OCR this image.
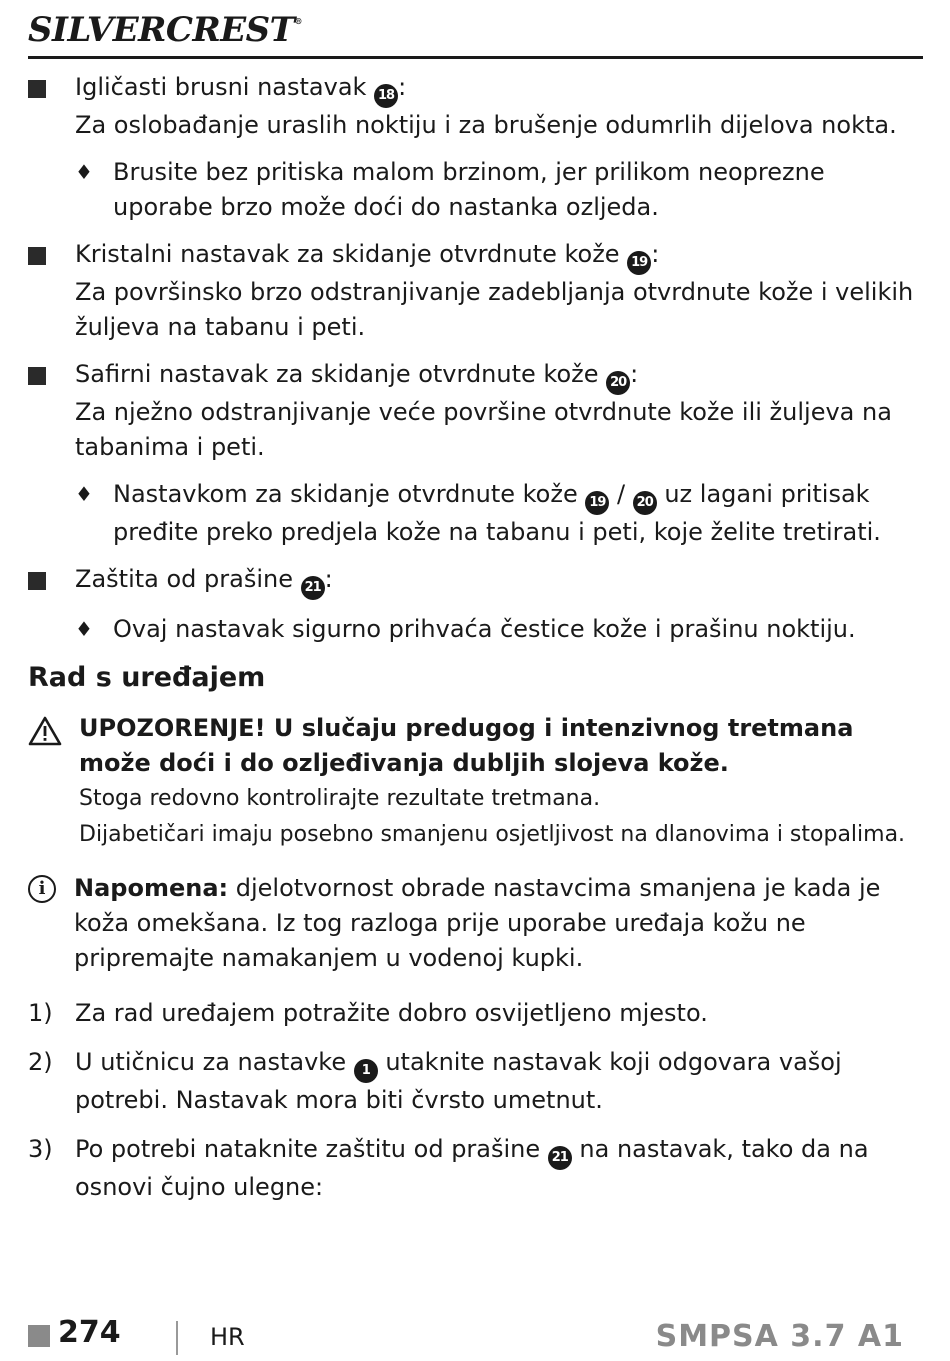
SILVERCREST®
Igličasti brusni nastavak 18 :
Za oslobađanje uraslih noktiju i za brušenje odumrlih dijelova nokta.
♦ Brusite bez pritiska malom brzinom, jer prilikom neoprezne uporabe brzo može doći do nastanka ozljeda.
Kristalni nastavak za skidanje otvrdnute kože 19 :
Za površinsko brzo odstranjivanje zadebljanja otvrdnute kože i velikih žuljeva na tabanu i peti.
Safirni nastavak za skidanje otvrdnute kože 20 :
Za nježno odstranjivanje veće površine otvrdnute kože ili žuljeva na tabanima i peti.
♦ Nastavkom za skidanje otvrdnute kože 19 / 20 uz lagani pritisak pređite preko predjela kože na tabanu i peti, koje želite tretirati.
Zaštita od prašine 21 :
♦ Ovaj nastavak sigurno prihvaća čestice kože i prašinu noktiju.
Rad s uređajem
UPOZORENJE! U slučaju predugog i intenzivnog tretmana može doći i do ozljeđivanja dubljih slojeva kože.
Stoga redovno kontrolirajte rezultate tretmana.
Dijabetičari imaju posebno smanjenu osjetljivost na dlanovima i stopalima.
i	Napomena: djelotvornost obrade nastavcima smanjena je kada je koža omekšana. Iz tog razloga prije uporabe uređaja kožu ne pripremajte namakanjem u vodenoj kupki.
1) Za rad uređajem potražite dobro osvijetljeno mjesto.
2) U utičnicu za nastavke 1 utaknite nastavak koji odgovara vašoj potrebi. Nastavak mora biti čvrsto umetnut.
3) Po potrebi nataknite zaštitu od prašine 21 na nastavak, tako da na osnovi čujno ulegne:
274	HR	SMPSA 3.7 A1
